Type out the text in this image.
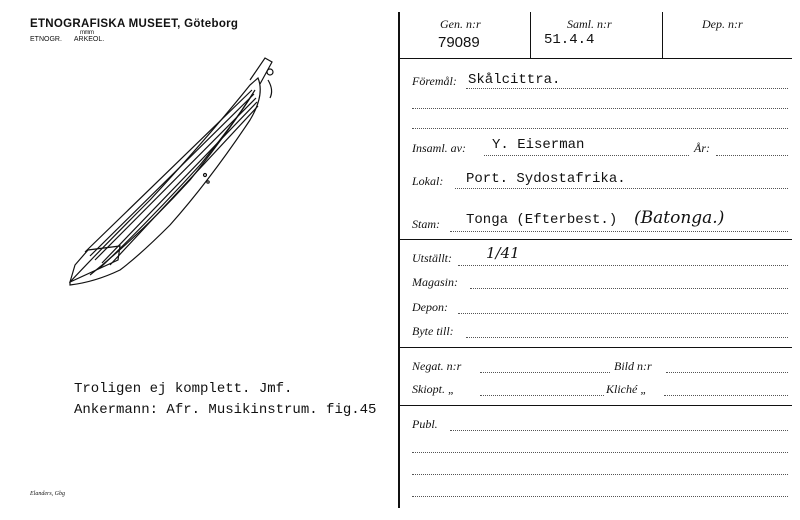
ETNOGRAFISKA MUSEET, Göteborg
ETNOGR. ARKEOL.
mmm
Troligen ej komplett. Jmf.
Ankermann: Afr. Musikinstrum. fig.45
Elanders, Gbg
Gen. n:r
79089
Saml. n:r
51.4.4
Dep. n:r
Föremål: Skålcittra.
Insaml. av: Y. Eiserman	År:
Lokal: Port. Sydostafrika.
Stam: Tonga (Efterbest.) (Batonga.)
Utställt: 1/41
Magasin:
Depon:
Byte till:
Negat. n:r	Bild n:r
Skiopt. „	Kliché „
Publ.
